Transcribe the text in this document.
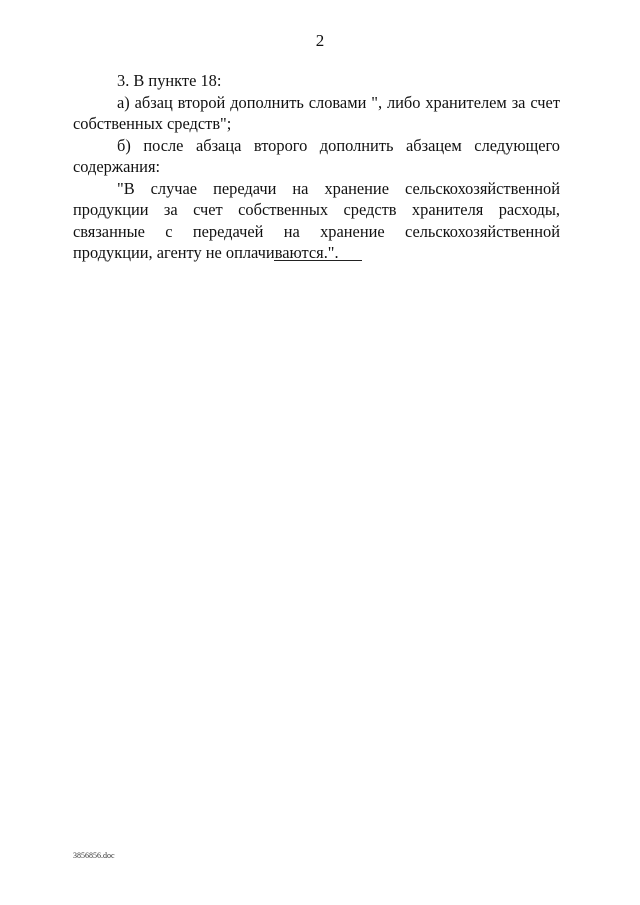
2

3. В пункте 18:

а) абзац второй дополнить словами ", либо хранителем за счет собственных средств";

б) после абзаца второго дополнить абзацем следующего содержания:

"В случае передачи на хранение сельскохозяйственной продукции за счет собственных средств хранителя расходы, связанные с передачей на хранение сельскохозяйственной продукции, агенту не оплачиваются.".

3856856.doc
